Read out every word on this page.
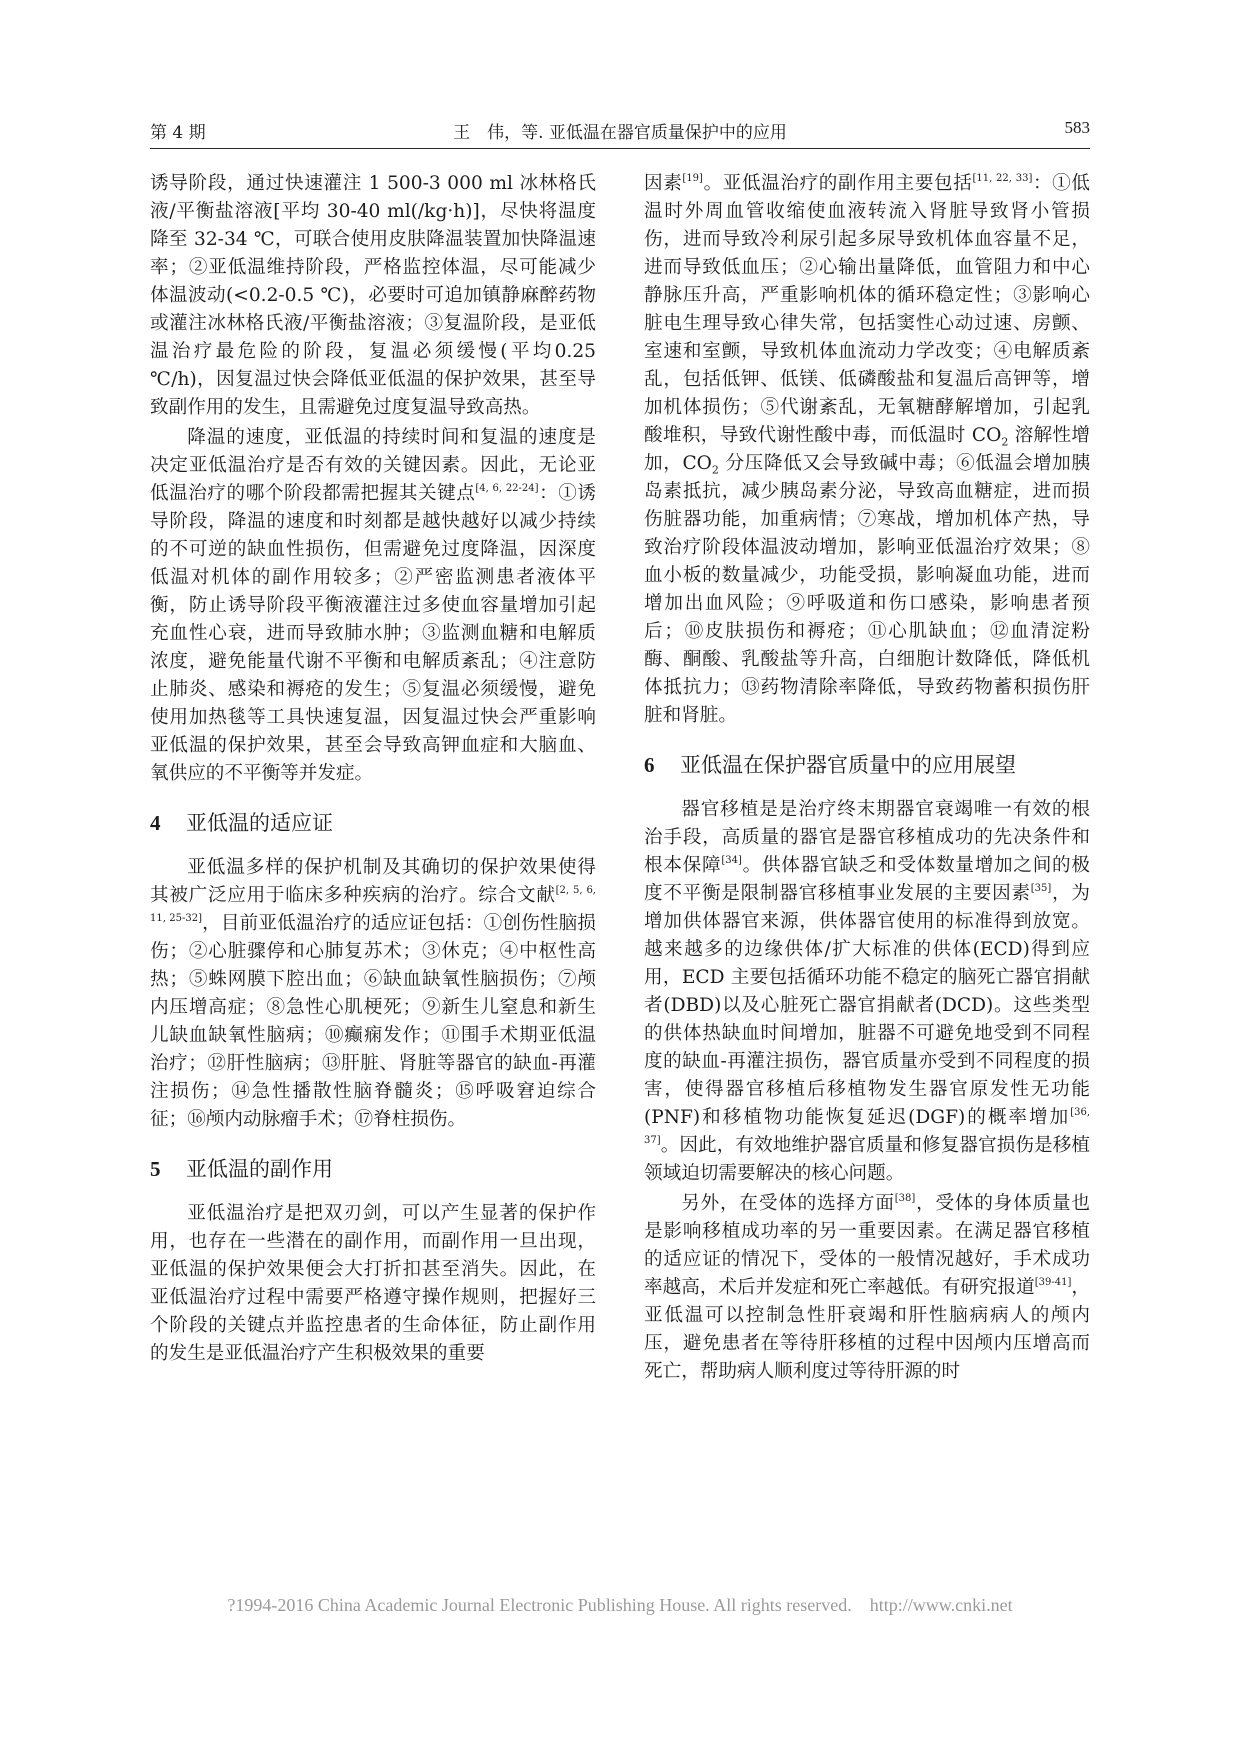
第 4 期	王　伟，等. 亚低温在器官质量保护中的应用	583

诱导阶段，通过快速灌注 1 500-3 000 ml 冰林格氏液/平衡盐溶液[平均 30-40 ml(/kg·h)]，尽快将温度降至 32-34 ℃，可联合使用皮肤降温装置加快降温速率；②亚低温维持阶段，严格监控体温，尽可能减少体温波动(<0.2-0.5 ℃)，必要时可追加镇静麻醉药物或灌注冰林格氏液/平衡盐溶液；③复温阶段，是亚低温治疗最危险的阶段，复温必须缓慢(平均0.25 ℃/h)，因复温过快会降低亚低温的保护效果，甚至导致副作用的发生，且需避免过度复温导致高热。

降温的速度，亚低温的持续时间和复温的速度是决定亚低温治疗是否有效的关键因素。因此，无论亚低温治疗的哪个阶段都需把握其关键点[4, 6, 22-24]：①诱导阶段，降温的速度和时刻都是越快越好以减少持续的不可逆的缺血性损伤，但需避免过度降温，因深度低温对机体的副作用较多；②严密监测患者液体平衡，防止诱导阶段平衡液灌注过多使血容量增加引起充血性心衰，进而导致肺水肿；③监测血糖和电解质浓度，避免能量代谢不平衡和电解质紊乱；④注意防止肺炎、感染和褥疮的发生；⑤复温必须缓慢，避免使用加热毯等工具快速复温，因复温过快会严重影响亚低温的保护效果，甚至会导致高钾血症和大脑血、氧供应的不平衡等并发症。

4 亚低温的适应证

亚低温多样的保护机制及其确切的保护效果使得其被广泛应用于临床多种疾病的治疗。综合文献[2, 5, 6, 11, 25-32]，目前亚低温治疗的适应证包括：①创伤性脑损伤；②心脏骤停和心肺复苏术；③休克；④中枢性高热；⑤蛛网膜下腔出血；⑥缺血缺氧性脑损伤；⑦颅内压增高症；⑧急性心肌梗死；⑨新生儿窒息和新生儿缺血缺氧性脑病；⑩癫痫发作；⑪围手术期亚低温治疗；⑫肝性脑病；⑬肝脏、肾脏等器官的缺血-再灌注损伤；⑭急性播散性脑脊髓炎；⑮呼吸窘迫综合征；⑯颅内动脉瘤手术；⑰脊柱损伤。

5 亚低温的副作用

亚低温治疗是把双刃剑，可以产生显著的保护作用，也存在一些潜在的副作用，而副作用一旦出现，亚低温的保护效果便会大打折扣甚至消失。因此，在亚低温治疗过程中需要严格遵守操作规则，把握好三个阶段的关键点并监控患者的生命体征，防止副作用的发生是亚低温治疗产生积极效果的重要

因素[19]。亚低温治疗的副作用主要包括[11, 22, 33]：①低温时外周血管收缩使血液转流入肾脏导致肾小管损伤，进而导致冷利尿引起多尿导致机体血容量不足，进而导致低血压；②心输出量降低，血管阻力和中心静脉压升高，严重影响机体的循环稳定性；③影响心脏电生理导致心律失常，包括窦性心动过速、房颤、室速和室颤，导致机体血流动力学改变；④电解质紊乱，包括低钾、低镁、低磷酸盐和复温后高钾等，增加机体损伤；⑤代谢紊乱，无氧糖酵解增加，引起乳酸堆积，导致代谢性酸中毒，而低温时 $CO_2$ 溶解性增加，$CO_2$ 分压降低又会导致碱中毒；⑥低温会增加胰岛素抵抗，减少胰岛素分泌，导致高血糖症，进而损伤脏器功能，加重病情；⑦寒战，增加机体产热，导致治疗阶段体温波动增加，影响亚低温治疗效果；⑧血小板的数量减少，功能受损，影响凝血功能，进而增加出血风险；⑨呼吸道和伤口感染，影响患者预后；⑩皮肤损伤和褥疮；⑪心肌缺血；⑫血清淀粉酶、酮酸、乳酸盐等升高，白细胞计数降低，降低机体抵抗力；⑬药物清除率降低，导致药物蓄积损伤肝脏和肾脏。

6 亚低温在保护器官质量中的应用展望

器官移植是是治疗终末期器官衰竭唯一有效的根治手段，高质量的器官是器官移植成功的先决条件和根本保障[34]。供体器官缺乏和受体数量增加之间的极度不平衡是限制器官移植事业发展的主要因素[35]，为增加供体器官来源，供体器官使用的标准得到放宽。越来越多的边缘供体/扩大标准的供体(ECD)得到应用，ECD 主要包括循环功能不稳定的脑死亡器官捐献者(DBD)以及心脏死亡器官捐献者(DCD)。这些类型的供体热缺血时间增加，脏器不可避免地受到不同程度的缺血-再灌注损伤，器官质量亦受到不同程度的损害，使得器官移植后移植物发生器官原发性无功能(PNF)和移植物功能恢复延迟(DGF)的概率增加[36, 37]。因此，有效地维护器官质量和修复器官损伤是移植领域迫切需要解决的核心问题。

另外，在受体的选择方面[38]，受体的身体质量也是影响移植成功率的另一重要因素。在满足器官移植的适应证的情况下，受体的一般情况越好，手术成功率越高，术后并发症和死亡率越低。有研究报道[39-41]，亚低温可以控制急性肝衰竭和肝性脑病病人的颅内压，避免患者在等待肝移植的过程中因颅内压增高而死亡，帮助病人顺利度过等待肝源的时

?1994-2016 China Academic Journal Electronic Publishing House. All rights reserved. http://www.cnki.net
